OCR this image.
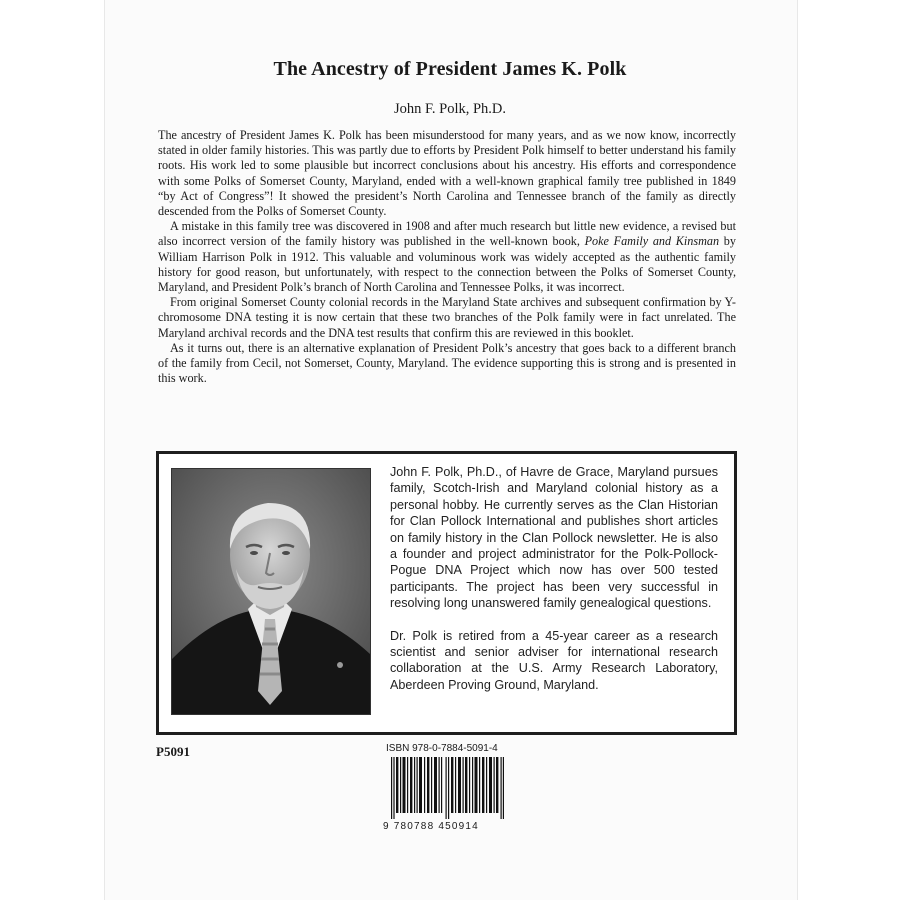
The Ancestry of President James K. Polk
John F. Polk, Ph.D.

The ancestry of President James K. Polk has been misunderstood for many years, and as we now know, incorrectly stated in older family histories. This was partly due to efforts by President Polk himself to better understand his family roots. His work led to some plausible but incorrect conclusions about his ancestry. His efforts and correspondence with some Polks of Somerset County, Maryland, ended with a well-known graphical family tree published in 1849 “by Act of Congress”! It showed the president’s North Carolina and Tennessee branch of the family as directly descended from the Polks of Somerset County.

A mistake in this family tree was discovered in 1908 and after much research but little new evidence, a revised but also incorrect version of the family history was published in the well-known book, Poke Family and Kinsman by William Harrison Polk in 1912. This valuable and voluminous work was widely accepted as the authentic family history for good reason, but unfortunately, with respect to the connection between the Polks of Somerset County, Maryland, and President Polk’s branch of North Carolina and Tennessee Polks, it was incorrect.

From original Somerset County colonial records in the Maryland State archives and subsequent confirmation by Y-chromosome DNA testing it is now certain that these two branches of the Polk family were in fact unrelated. The Maryland archival records and the DNA test results that confirm this are reviewed in this booklet.

As it turns out, there is an alternative explanation of President Polk’s ancestry that goes back to a different branch of the family from Cecil, not Somerset, County, Maryland. The evidence supporting this is strong and is presented in this work.

John F. Polk, Ph.D., of Havre de Grace, Maryland pursues family, Scotch-Irish and Maryland colonial history as a personal hobby. He currently serves as the Clan Historian for Clan Pollock International and publishes short articles on family history in the Clan Pollock newsletter. He is also a founder and project administrator for the Polk-Pollock-Pogue DNA Project which now has over 500 tested participants. The project has been very successful in resolving long unanswered family genealogical questions.

Dr. Polk is retired from a 45-year career as a research scientist and senior adviser for international research collaboration at the U.S. Army Research Laboratory, Aberdeen Proving Ground, Maryland.

P5091	ISBN 978-0-7884-5091-4
9 780788 450914
